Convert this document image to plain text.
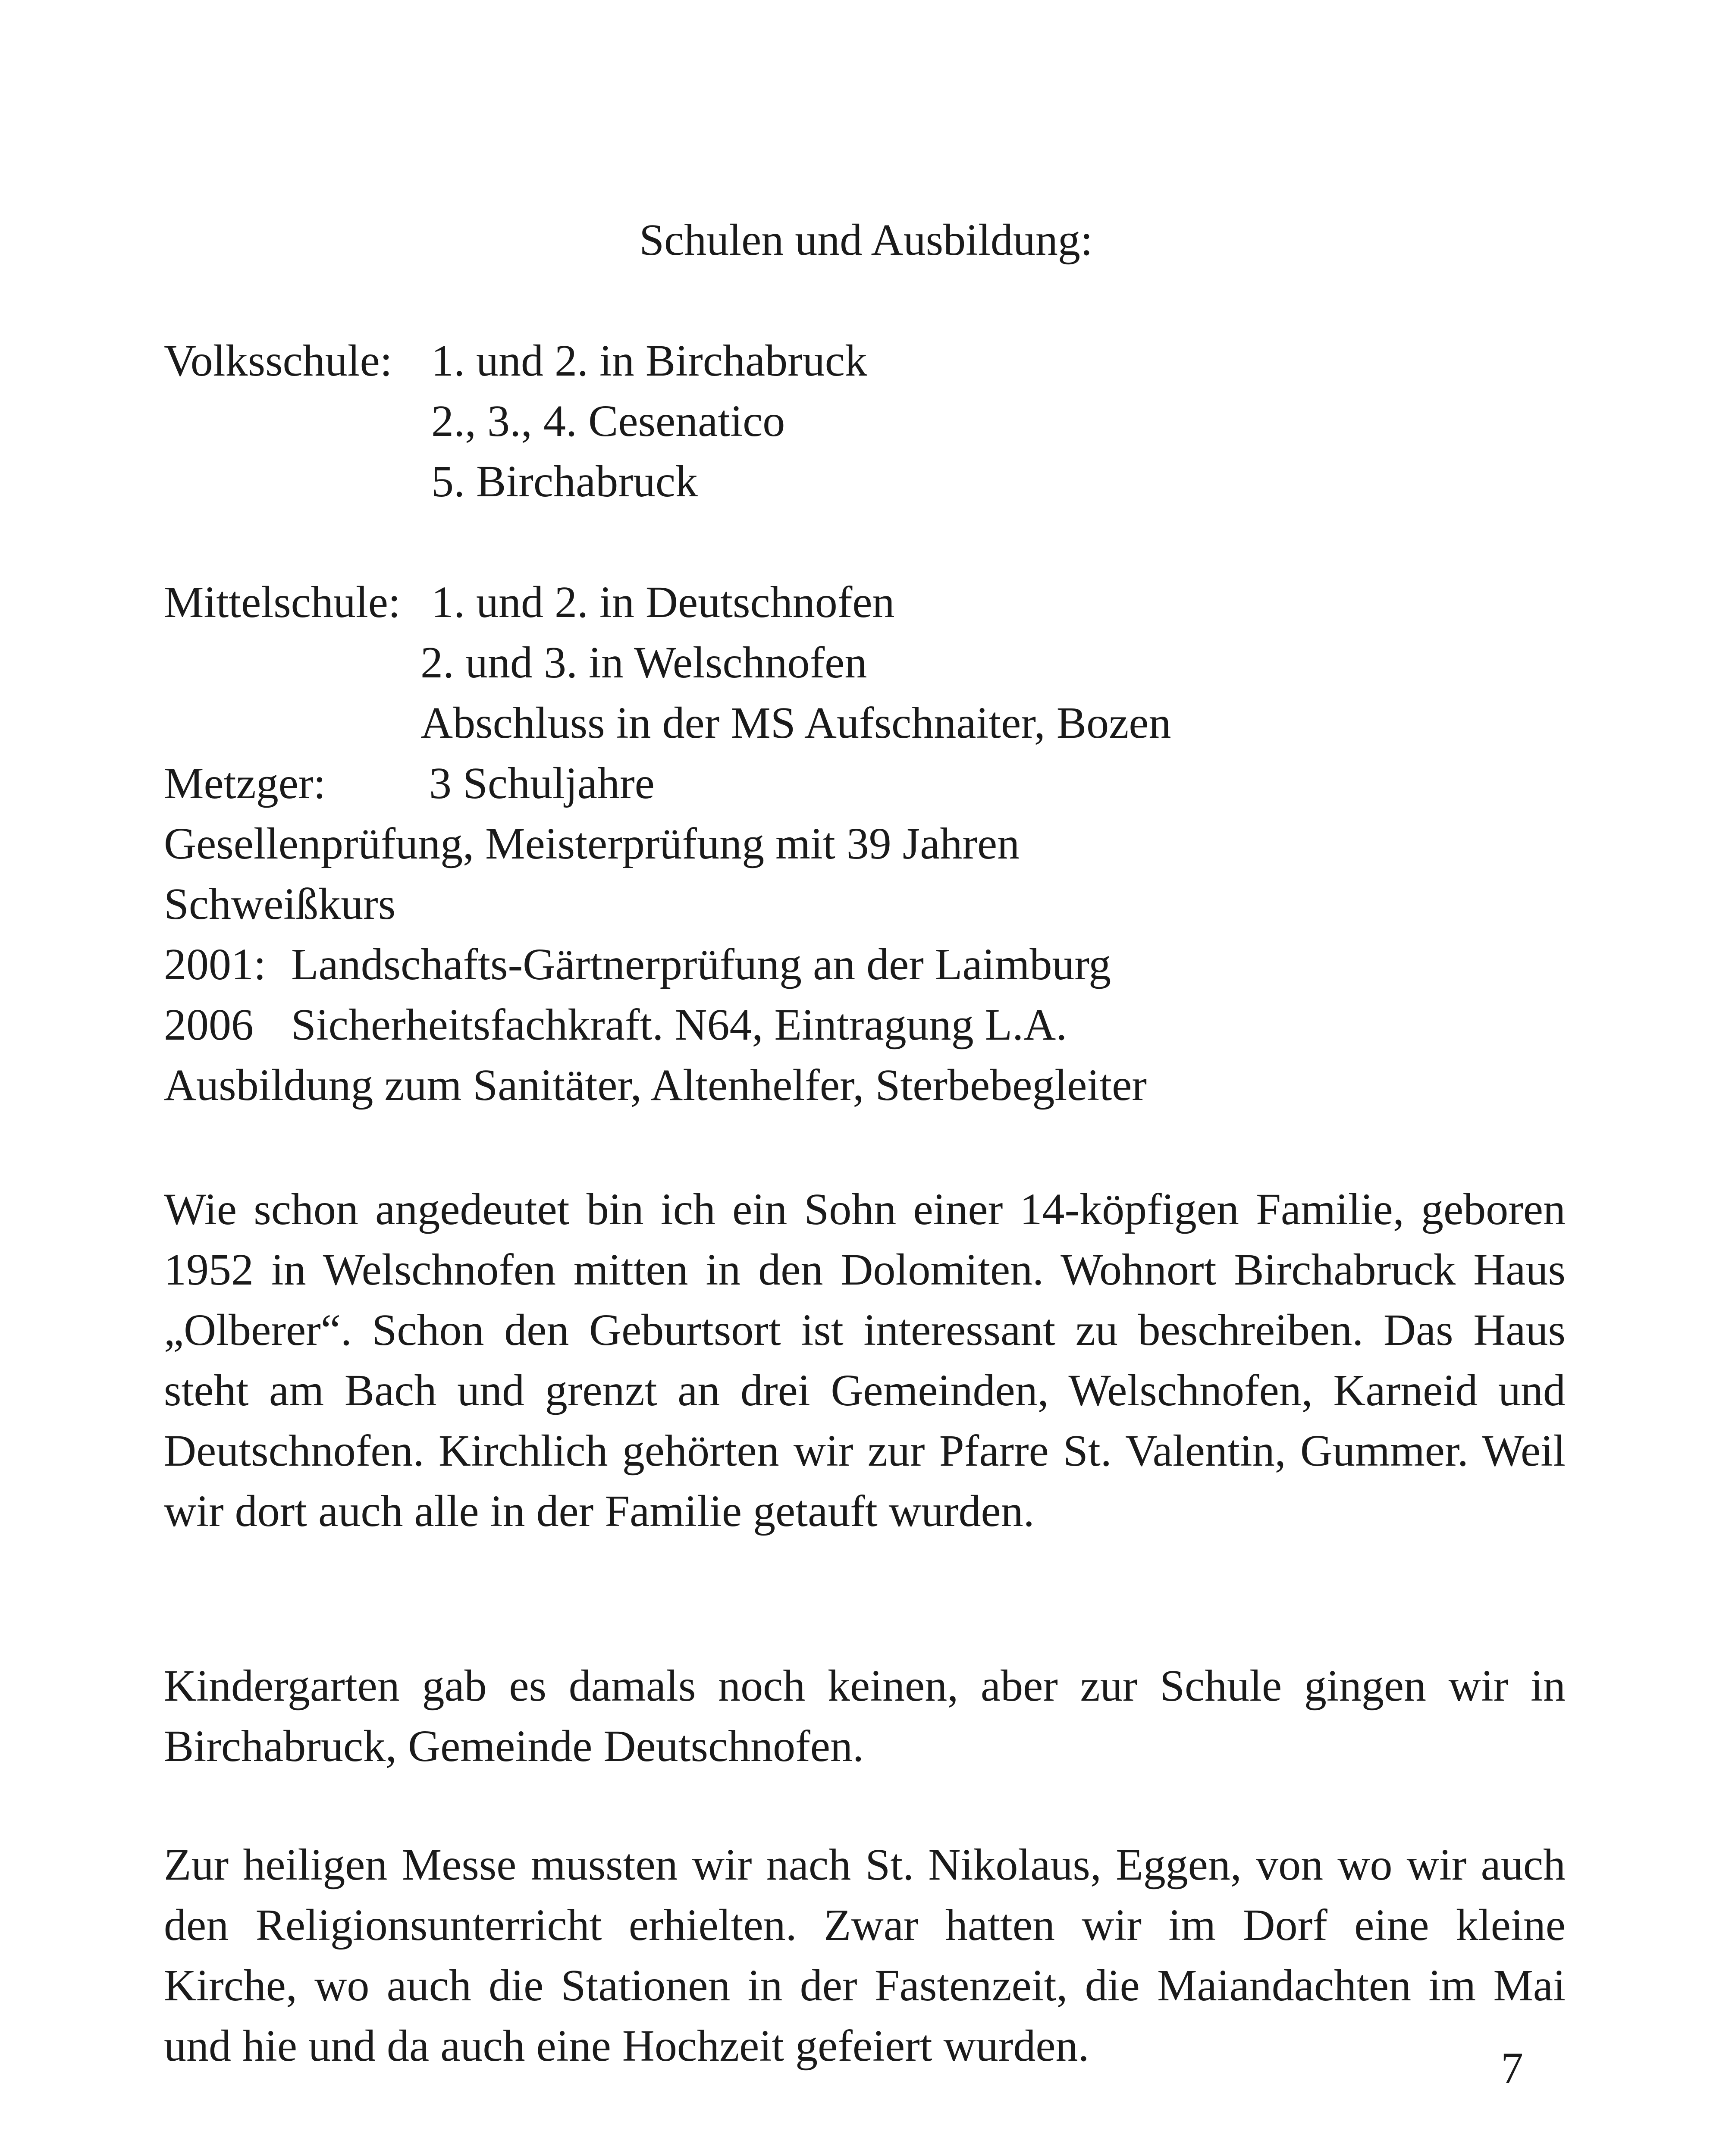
Schulen und Ausbildung:
Volksschule: 1. und 2. in Birchabruck
2., 3., 4. Cesenatico
5. Birchabruck
Mittelschule: 1. und 2. in Deutschnofen
2. und 3. in Welschnofen
Abschluss in der MS Aufschnaiter, Bozen
Metzger: 3 Schuljahre
Gesellenprüfung, Meisterprüfung mit 39 Jahren
Schweißkurs
2001: Landschafts-Gärtnerprüfung an der Laimburg
2006 Sicherheitsfachkraft. N64, Eintragung L.A.
Ausbildung zum Sanitäter, Altenhelfer, Sterbebegleiter
Wie schon angedeutet bin ich ein Sohn einer 14-köpfigen Familie, geboren 1952 in Welschnofen mitten in den Dolomiten. Wohnort Birchabruck Haus „Olberer“. Schon den Geburtsort ist interessant zu beschreiben. Das Haus steht am Bach und grenzt an drei Gemeinden, Welschnofen, Karneid und Deutschnofen. Kirchlich gehörten wir zur Pfarre St. Valentin, Gummer. Weil wir dort auch alle in der Familie getauft wurden.
Kindergarten gab es damals noch keinen, aber zur Schule gingen wir in Birchabruck, Gemeinde Deutschnofen.
Zur heiligen Messe mussten wir nach St. Nikolaus, Eggen, von wo wir auch den Religionsunterricht erhielten. Zwar hatten wir im Dorf eine kleine Kirche, wo auch die Stationen in der Fastenzeit, die Maiandachten im Mai und hie und da auch eine Hochzeit gefeiert wurden.	7
